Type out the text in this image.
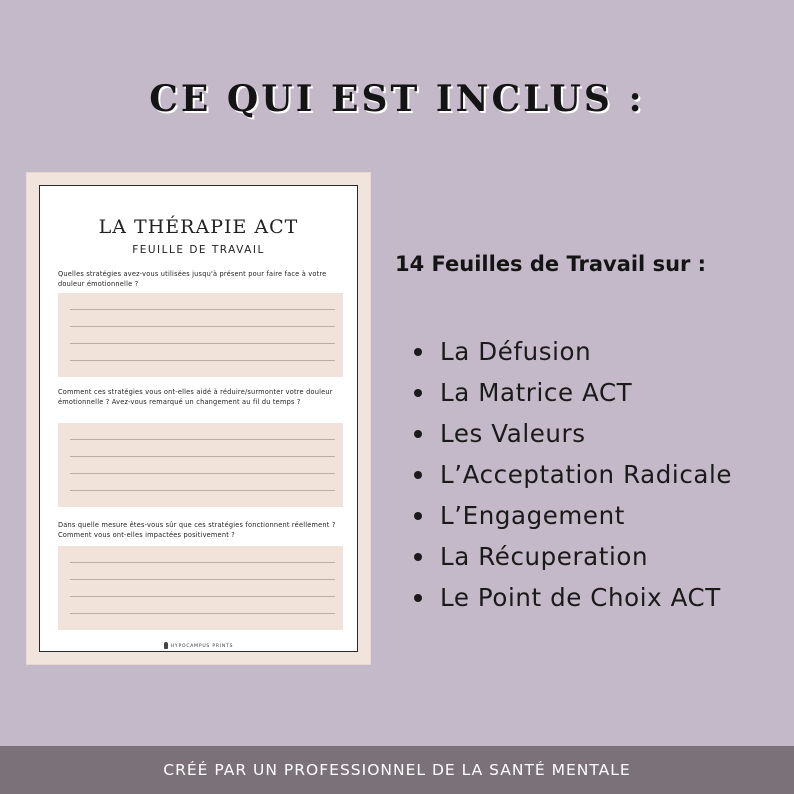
CE QUI EST INCLUS :
LA THÉRAPIE ACT
FEUILLE DE TRAVAIL
Quelles stratégies avez-vous utilisées jusqu'à présent pour faire face à votre douleur émotionnelle ?
Comment ces stratégies vous ont-elles aidé à réduire/surmonter votre douleur émotionnelle ? Avez-vous remarqué un changement au fil du temps ?
Dans quelle mesure êtes-vous sûr que ces stratégies fonctionnent réellement ? Comment vous ont-elles impactées positivement ?
HYPOCAMPUS PRINTS
14 Feuilles de Travail sur :
La Défusion
La Matrice ACT
Les Valeurs
L’Acceptation Radicale
L’Engagement
La Récuperation
Le Point de Choix ACT
CRÉÉ PAR UN PROFESSIONNEL DE LA SANTÉ MENTALE
